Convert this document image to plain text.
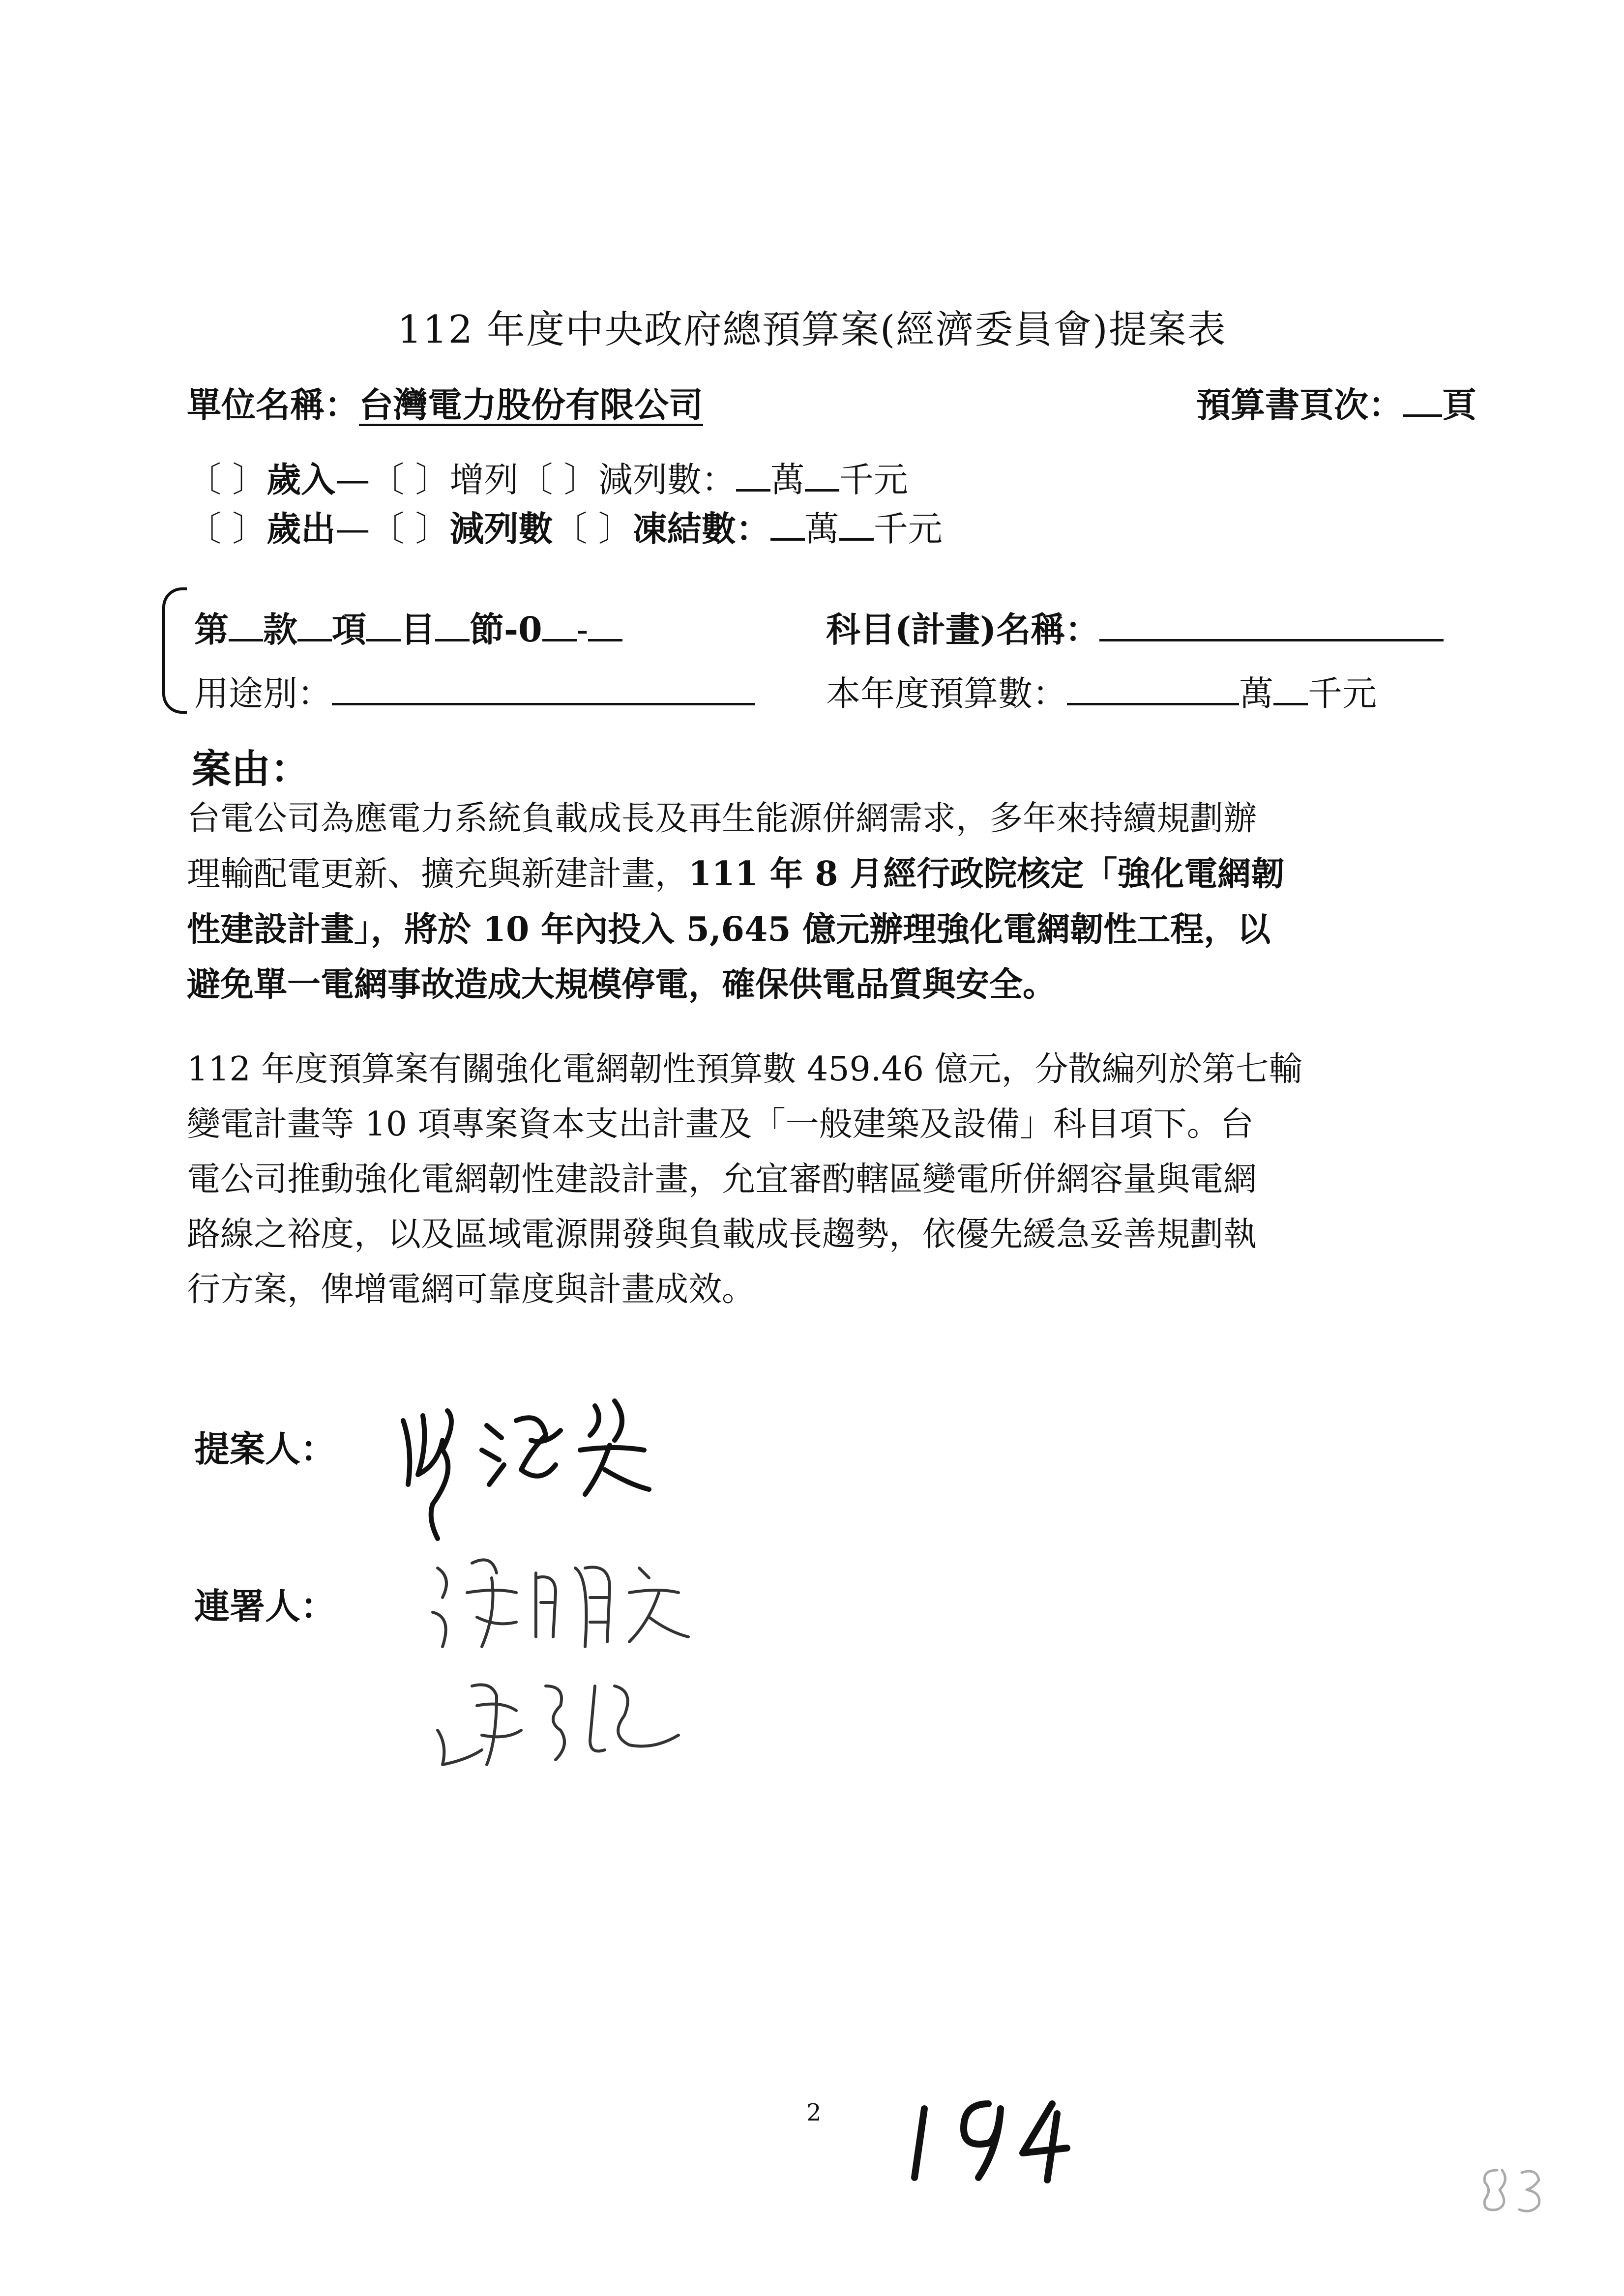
112 年度中央政府總預算案(經濟委員會)提案表
單位名稱：台灣電力股份有限公司	預算書頁次： 頁
〔 〕歲入—〔 〕增列〔 〕減列數： 萬 千元
〔 〕歲出—〔 〕減列數〔 〕凍結數： 萬 千元
第 款 項 目 節-0 -	科目(計畫)名稱：
用途別：	本年度預算數：	萬 千元
案由：
台電公司為應電力系統負載成長及再生能源併網需求，多年來持續規劃辦
理輸配電更新、擴充與新建計畫，111 年 8 月經行政院核定「強化電網韌
性建設計畫」，將於 10 年內投入 5,645 億元辦理強化電網韌性工程，以
避免單一電網事故造成大規模停電，確保供電品質與安全。
112 年度預算案有關強化電網韌性預算數 459.46 億元，分散編列於第七輸
變電計畫等 10 項專案資本支出計畫及「一般建築及設備」科目項下。台
電公司推動強化電網韌性建設計畫，允宜審酌轄區變電所併網容量與電網
路線之裕度，以及區域電源開發與負載成長趨勢，依優先緩急妥善規劃執
行方案，俾增電網可靠度與計畫成效。
提案人：
連署人：
2
